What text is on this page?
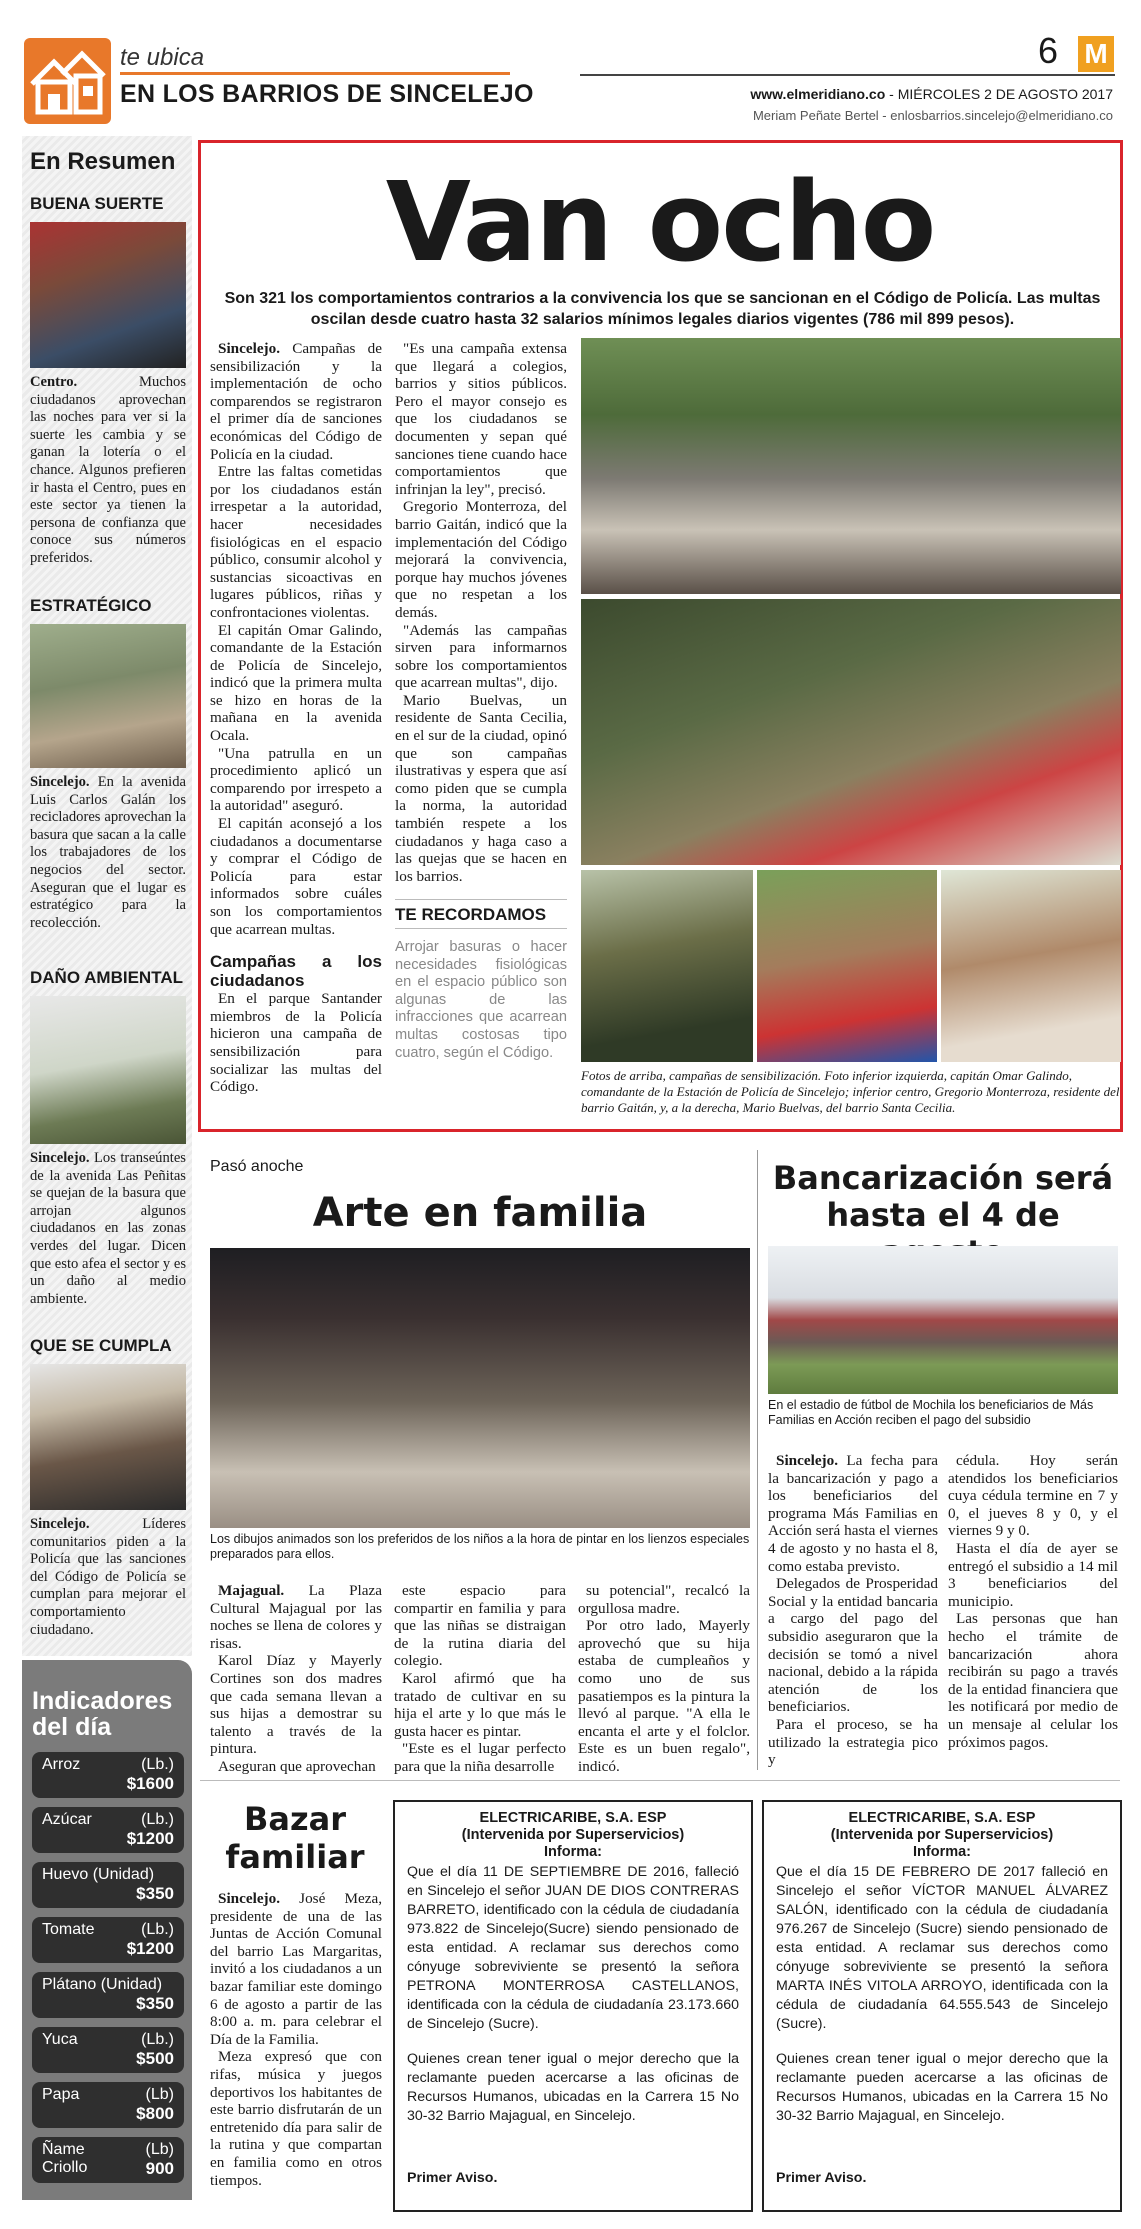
te ubica
EN LOS BARRIOS DE SINCELEJO
6 M
www.elmeridiano.co - MIÉRCOLES 2 DE AGOSTO 2017
Meriam Peñate Bertel - enlosbarrios.sincelejo@elmeridiano.co
En Resumen
BUENA SUERTE
Centro.	Muchos ciudadanos aprovechan las noches para ver si la suerte les cambia y se ganan la lotería o el chance. Algunos prefieren ir hasta el Centro, pues en este sector ya tienen la persona de confianza que conoce sus números preferidos.
ESTRATÉGICO
Sincelejo. En la avenida Luis Carlos Galán los recicladores aprovechan la basura que sacan a la calle los trabajadores de los negocios del sector. Aseguran que el lugar es estratégico para la recolección.
DAÑO AMBIENTAL
Sincelejo. Los transeúntes de la avenida Las Peñitas se quejan de la basura que arrojan algunos ciudadanos en las zonas verdes del lugar. Dicen que esto afea el sector y es un daño al medio ambiente.
QUE SE CUMPLA
Sincelejo.	Líderes comunitarios piden a la Policía que las sanciones del Código de Policía se cumplan para mejorar el comportamiento ciudadano.
Indicadores
del día
Arroz	(Lb.)
$1600
Azúcar	(Lb.)
$1200
Huevo (Unidad)
$350
Tomate	(Lb.)
$1200
Plátano (Unidad)
$350
Yuca	(Lb.)
$500
Papa	(Lb)
$800
Ñame
Criollo
(Lb)
900
Van ocho
Son 321 los comportamientos contrarios a la convivencia los que se sancionan en el Código de Policía. Las multas oscilan desde cuatro hasta 32 salarios mínimos legales diarios vigentes (786 mil 899 pesos).

Sincelejo. Campañas de sensibilización y la implementación de ocho comparendos se registraron el primer día de sanciones económicas del Código de Policía en la ciudad.

Entre las faltas cometidas por los ciudadanos están irrespetar a la autoridad, hacer necesidades fisiológicas en el espacio público, consumir alcohol y sustancias sicoactivas en lugares públicos, riñas y confrontaciones violentas.

El capitán Omar Galindo, comandante de la Estación de Policía de Sincelejo, indicó que la primera multa se hizo en horas de la mañana en la avenida Ocala.

"Una patrulla en un procedimiento aplicó un comparendo por irrespeto a la autoridad" aseguró.

El capitán aconsejó a los ciudadanos a documentarse y comprar el Código de Policía para estar informados sobre cuáles son los comportamientos que acarrean multas.

Campañas a los ciudadanos

En el parque Santander miembros de la Policía hicieron una campaña de sensibilización para socializar las multas del Código.

"Es una campaña extensa que llegará a colegios, barrios y sitios públicos. Pero el mayor consejo es que los ciudadanos se documenten y sepan qué sanciones tiene cuando hace comportamientos que infrinjan la ley", precisó.

Gregorio Monterroza, del barrio Gaitán, indicó que la implementación del Código mejorará la convivencia, porque hay muchos jóvenes que no respetan a los demás.

"Además las campañas sirven para informarnos sobre los comportamientos que acarrean multas", dijo.

Mario Buelvas, un residente de Santa Cecilia, en el sur de la ciudad, opinó que son campañas ilustrativas y espera que así como piden que se cumpla la norma, la autoridad también respete a los ciudadanos y haga caso a las quejas que se hacen en los barrios.

TE RECORDAMOS
Arrojar basuras o hacer necesidades fisiológicas en el espacio público son algunas de las infracciones que acarrean multas costosas tipo cuatro, según el Código.
Fotos de arriba, campañas de sensibilización. Foto inferior izquierda, capitán Omar Galindo, comandante de la Estación de Policía de Sincelejo; inferior centro, Gregorio Monterroza, residente del barrio Gaitán, y, a la derecha, Mario Buelvas, del barrio Santa Cecilia.
Pasó anoche
Arte en familia
Los dibujos animados son los preferidos de los niños a la hora de pintar en los lienzos especiales preparados para ellos.

Majagual. La Plaza Cultural Majagual por las noches se llena de colores y risas.

Karol Díaz y Mayerly Cortines son dos madres que cada semana llevan a sus hijas a demostrar su talento a través de la pintura.

Aseguran que aprovechan

este espacio para compartir en familia y para que las niñas se distraigan de la rutina diaria del colegio.

Karol afirmó que ha tratado de cultivar en su hija el arte y lo que más le gusta hacer es pintar.

"Este es el lugar perfecto para que la niña desarrolle

su potencial", recalcó la orgullosa madre.

Por otro lado, Mayerly aprovechó que su hija estaba de cumpleaños y como uno de sus pasatiempos es la pintura la llevó al parque. "A ella le encanta el arte y el folclor. Este es un buen regalo", indicó.

Bancarización será
hasta el 4 de
En el estadio de fútbol de Mochila los beneficiarios de Más Familias en Acción reciben el pago del subsidio

Sincelejo. La fecha para la bancarización y pago a los beneficiarios del programa Más Familias en Acción será hasta el viernes 4 de agosto y no hasta el 8, como estaba previsto.

Delegados de Prosperidad Social y la entidad bancaria a cargo del pago del subsidio aseguraron que la decisión se tomó a nivel nacional, debido a la rápida atención de los beneficiarios.

Para el proceso, se ha utilizado la estrategia pico y

cédula. Hoy serán atendidos los beneficiarios cuya cédula termine en 7 y 0, el jueves 8 y 0, y el viernes 9 y 0.

Hasta el día de ayer se entregó el subsidio a 14 mil 3 beneficiarios del municipio.

Las personas que han hecho el trámite de bancarización ahora recibirán su pago a través de la entidad financiera que les notificará por medio de un mensaje al celular los próximos pagos.

Bazar
familiar

Sincelejo. José Meza, presidente de una de las Juntas de Acción Comunal del barrio Las Margaritas, invitó a los ciudadanos a un bazar familiar este domingo 6 de agosto a partir de las 8:00 a. m. para celebrar el Día de la Familia.

Meza expresó que con rifas, música y juegos deportivos los habitantes de este barrio disfrutarán de un entretenido día para salir de la rutina y que compartan en familia como en otros tiempos.

ELECTRICARIBE, S.A. ESP
(Intervenida por Superservicios)
Informa:
Que el día 11 DE SEPTIEMBRE DE 2016, falleció en Sincelejo el señor JUAN DE DIOS CONTRERAS BARRETO, identificado con la cédula de ciudadanía 973.822 de Sincelejo(Sucre) siendo pensionado de esta entidad. A reclamar sus derechos como cónyuge sobreviviente se presentó la señora PETRONA MONTERROSA CASTELLANOS, identificada con la cédula de ciudadanía 23.173.660 de Sincelejo (Sucre).
Quienes crean tener igual o mejor derecho que la reclamante pueden acercarse a las oficinas de Recursos Humanos, ubicadas en la Carrera 15 No 30-32 Barrio Majagual, en Sincelejo.
Primer Aviso.
ELECTRICARIBE, S.A. ESP
(Intervenida por Superservicios)
Informa:
Que el día 15 DE FEBRERO DE 2017 falleció en Sincelejo el señor VÍCTOR MANUEL ÁLVAREZ SALÓN, identificado con la cédula de ciudadanía 976.267 de Sincelejo (Sucre) siendo pensionado de esta entidad. A reclamar sus derechos como cónyuge sobreviviente se presentó la señora MARTA INÉS VITOLA ARROYO, identificada con la cédula de ciudadanía 64.555.543 de Sincelejo (Sucre).
Quienes crean tener igual o mejor derecho que la reclamante pueden acercarse a las oficinas de Recursos Humanos, ubicadas en la Carrera 15 No 30-32 Barrio Majagual, en Sincelejo.
Primer Aviso.
